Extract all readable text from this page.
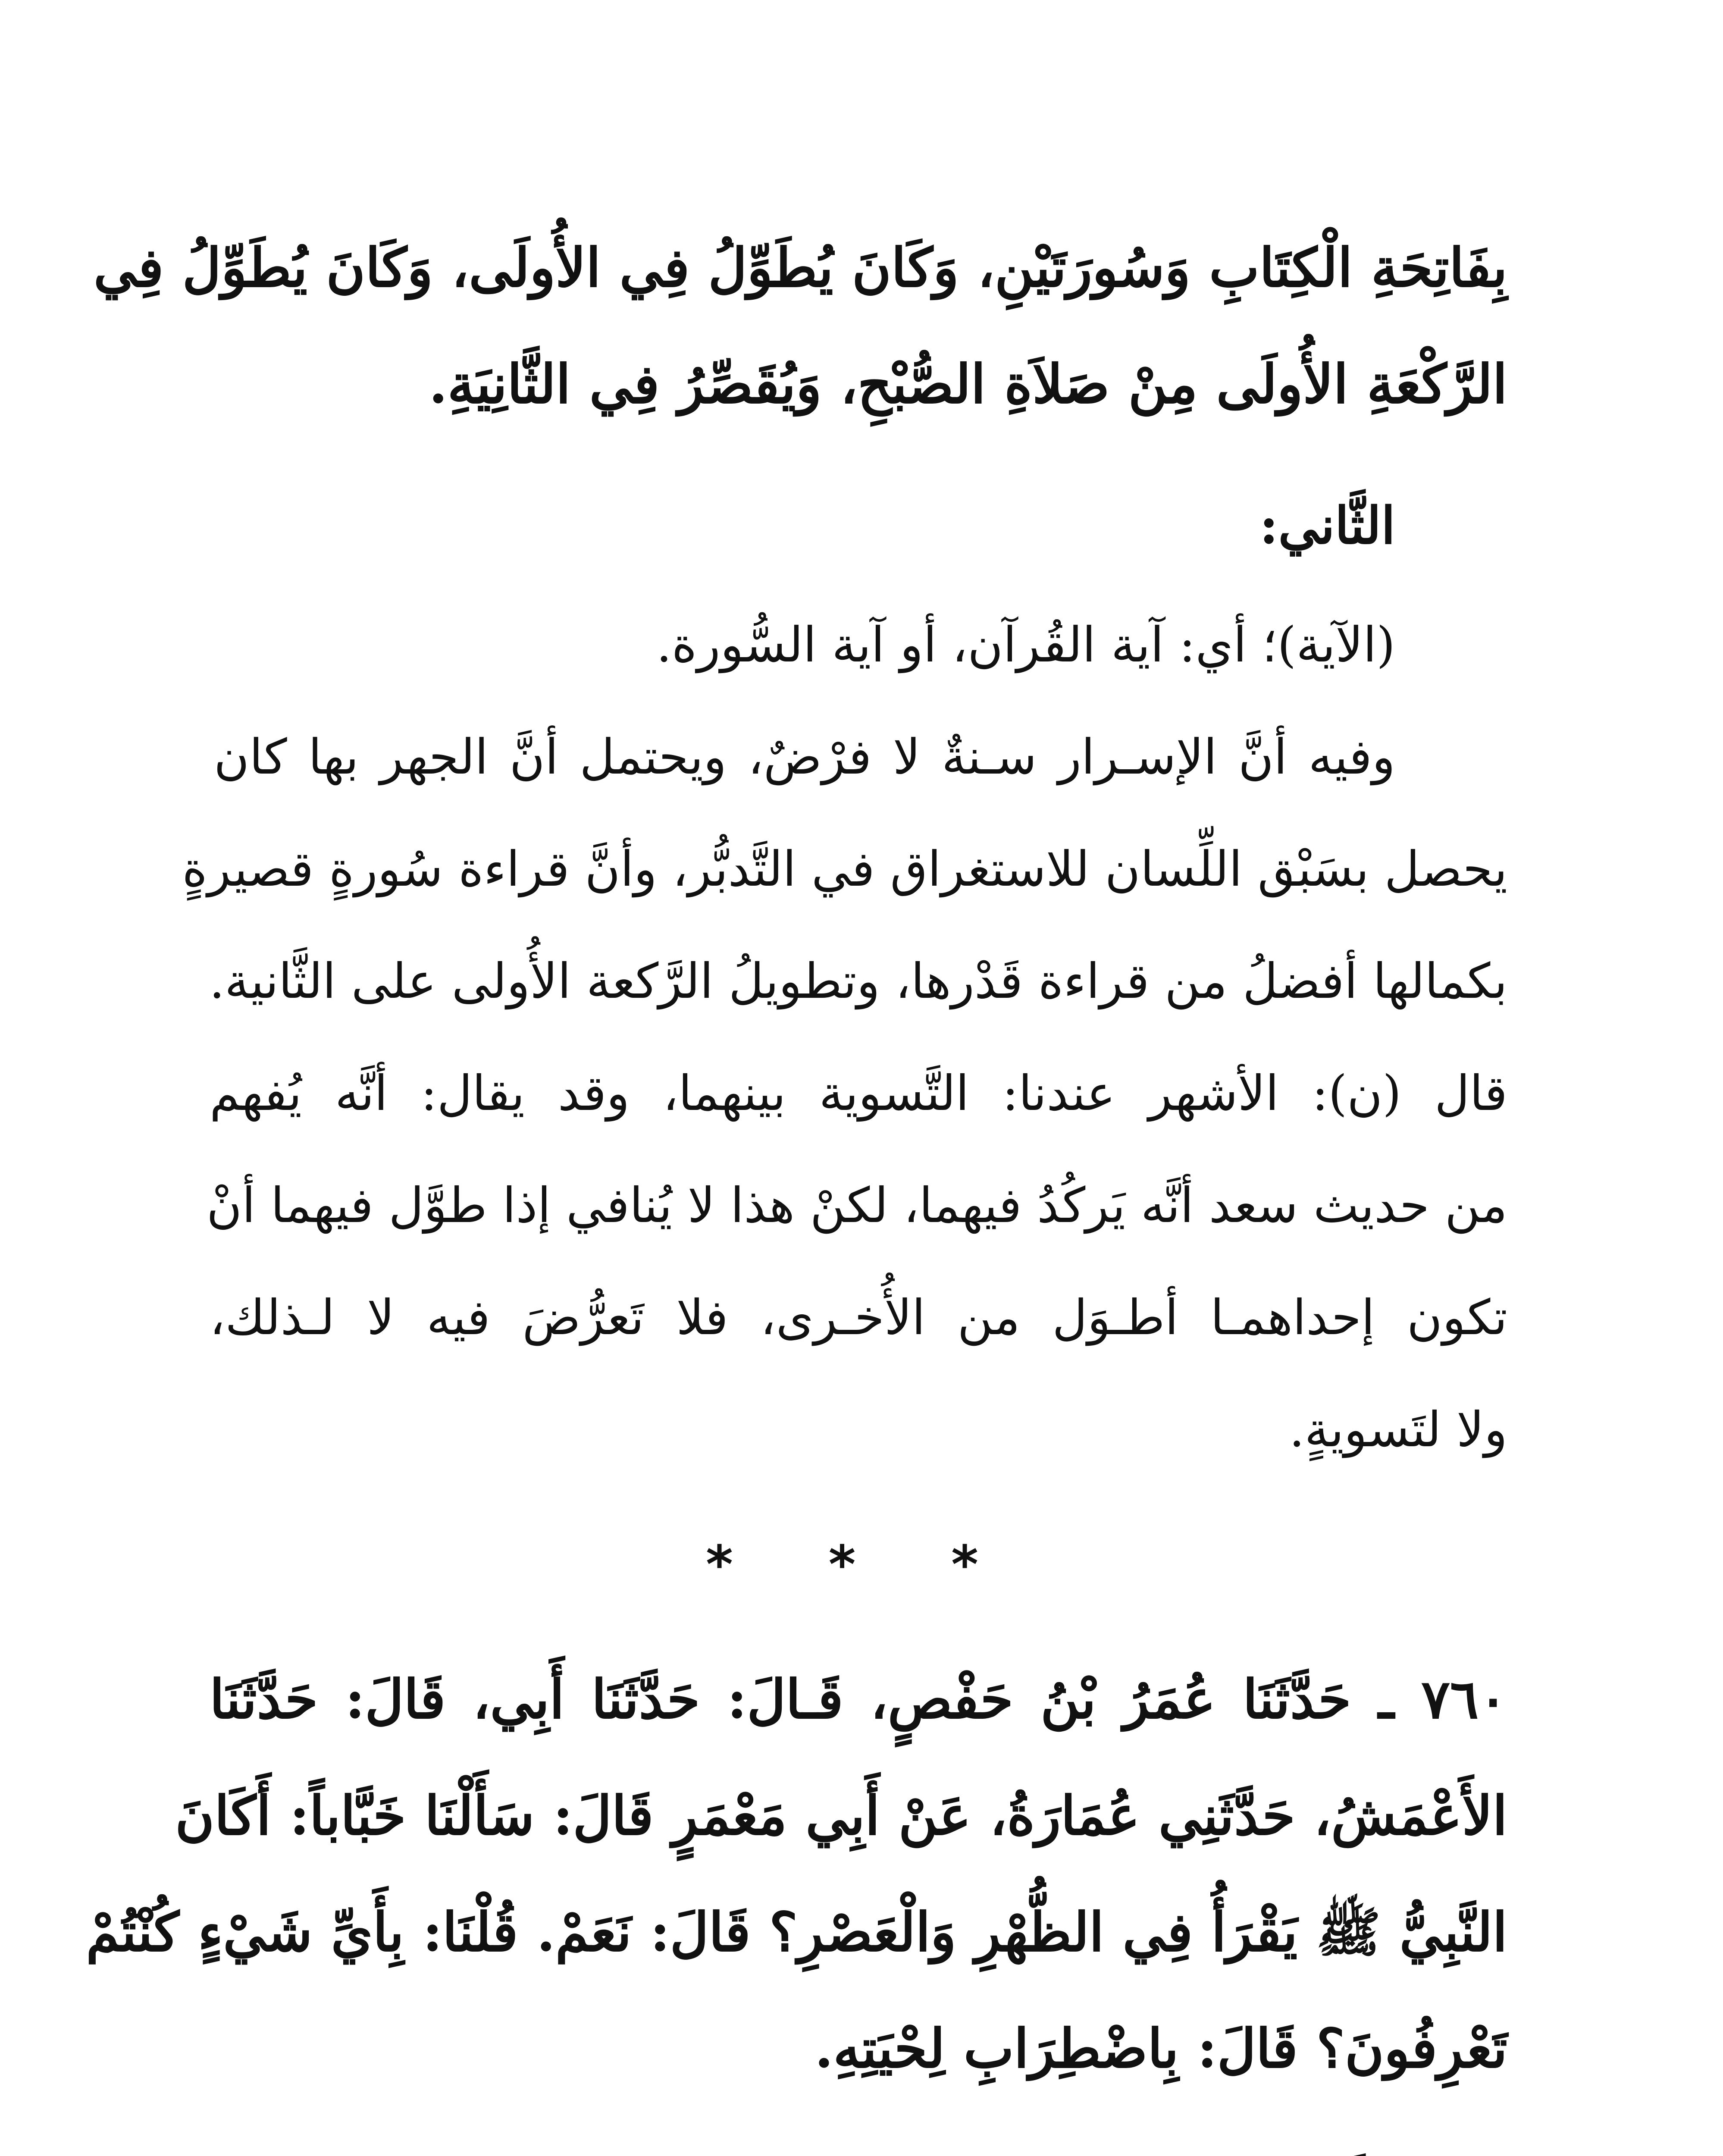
بِفَاتِحَةِ الْكِتَابِ وَسُورَتَيْنِ، وَكَانَ يُطَوِّلُ فِي الأُولَى، وَكَانَ يُطَوِّلُ فِي
الرَّكْعَةِ الأُولَى مِنْ صَلاَةِ الصُّبْحِ، وَيُقَصِّرُ فِي الثَّانِيَةِ.
الثَّاني:
(الآية)؛ أي: آية القُرآن، أو آية السُّورة.
وفيه أنَّ الإسـرار سـنةٌ لا فرْضٌ، ويحتمل أنَّ الجهر بها كان
يحصل بسَبْق اللِّسان للاستغراق في التَّدبُّر، وأنَّ قراءة سُورةٍ قصيرةٍ
بكمالها أفضلُ من قراءة قَدْرها، وتطويلُ الرَّكعة الأُولى على الثَّانية.
قال (ن): الأشهر عندنا: التَّسوية بينهما، وقد يقال: أنَّه يُفهم
من حديث سعد أنَّه يَركُدُ فيهما، لكنْ هذا لا يُنافي إذا طوَّل فيهما أنْ
تكون إحداهمـا أطـوَل من الأُخـرى، فلا تَعرُّضَ فيه لا لـذلك،
ولا لتَسويةٍ.
* * *
٧٦٠ ـ حَدَّثَنَا عُمَرُ بْنُ حَفْصٍ، قَـالَ: حَدَّثَنَا أَبِي، قَالَ: حَدَّثَنَا
الأَعْمَشُ، حَدَّثَنِي عُمَارَةُ، عَنْ أَبِي مَعْمَرٍ قَالَ: سَأَلْنَا خَبَّاباً: أَكَانَ
النَّبِيُّ ﷺ يَقْرَأُ فِي الظُّهْرِ وَالْعَصْرِ؟ قَالَ: نَعَمْ. قُلْنَا: بِأَيِّ شَيْءٍ كُنْتُمْ
تَعْرِفُونَ؟ قَالَ: بِاضْطِرَابِ لِحْيَتِهِ.
